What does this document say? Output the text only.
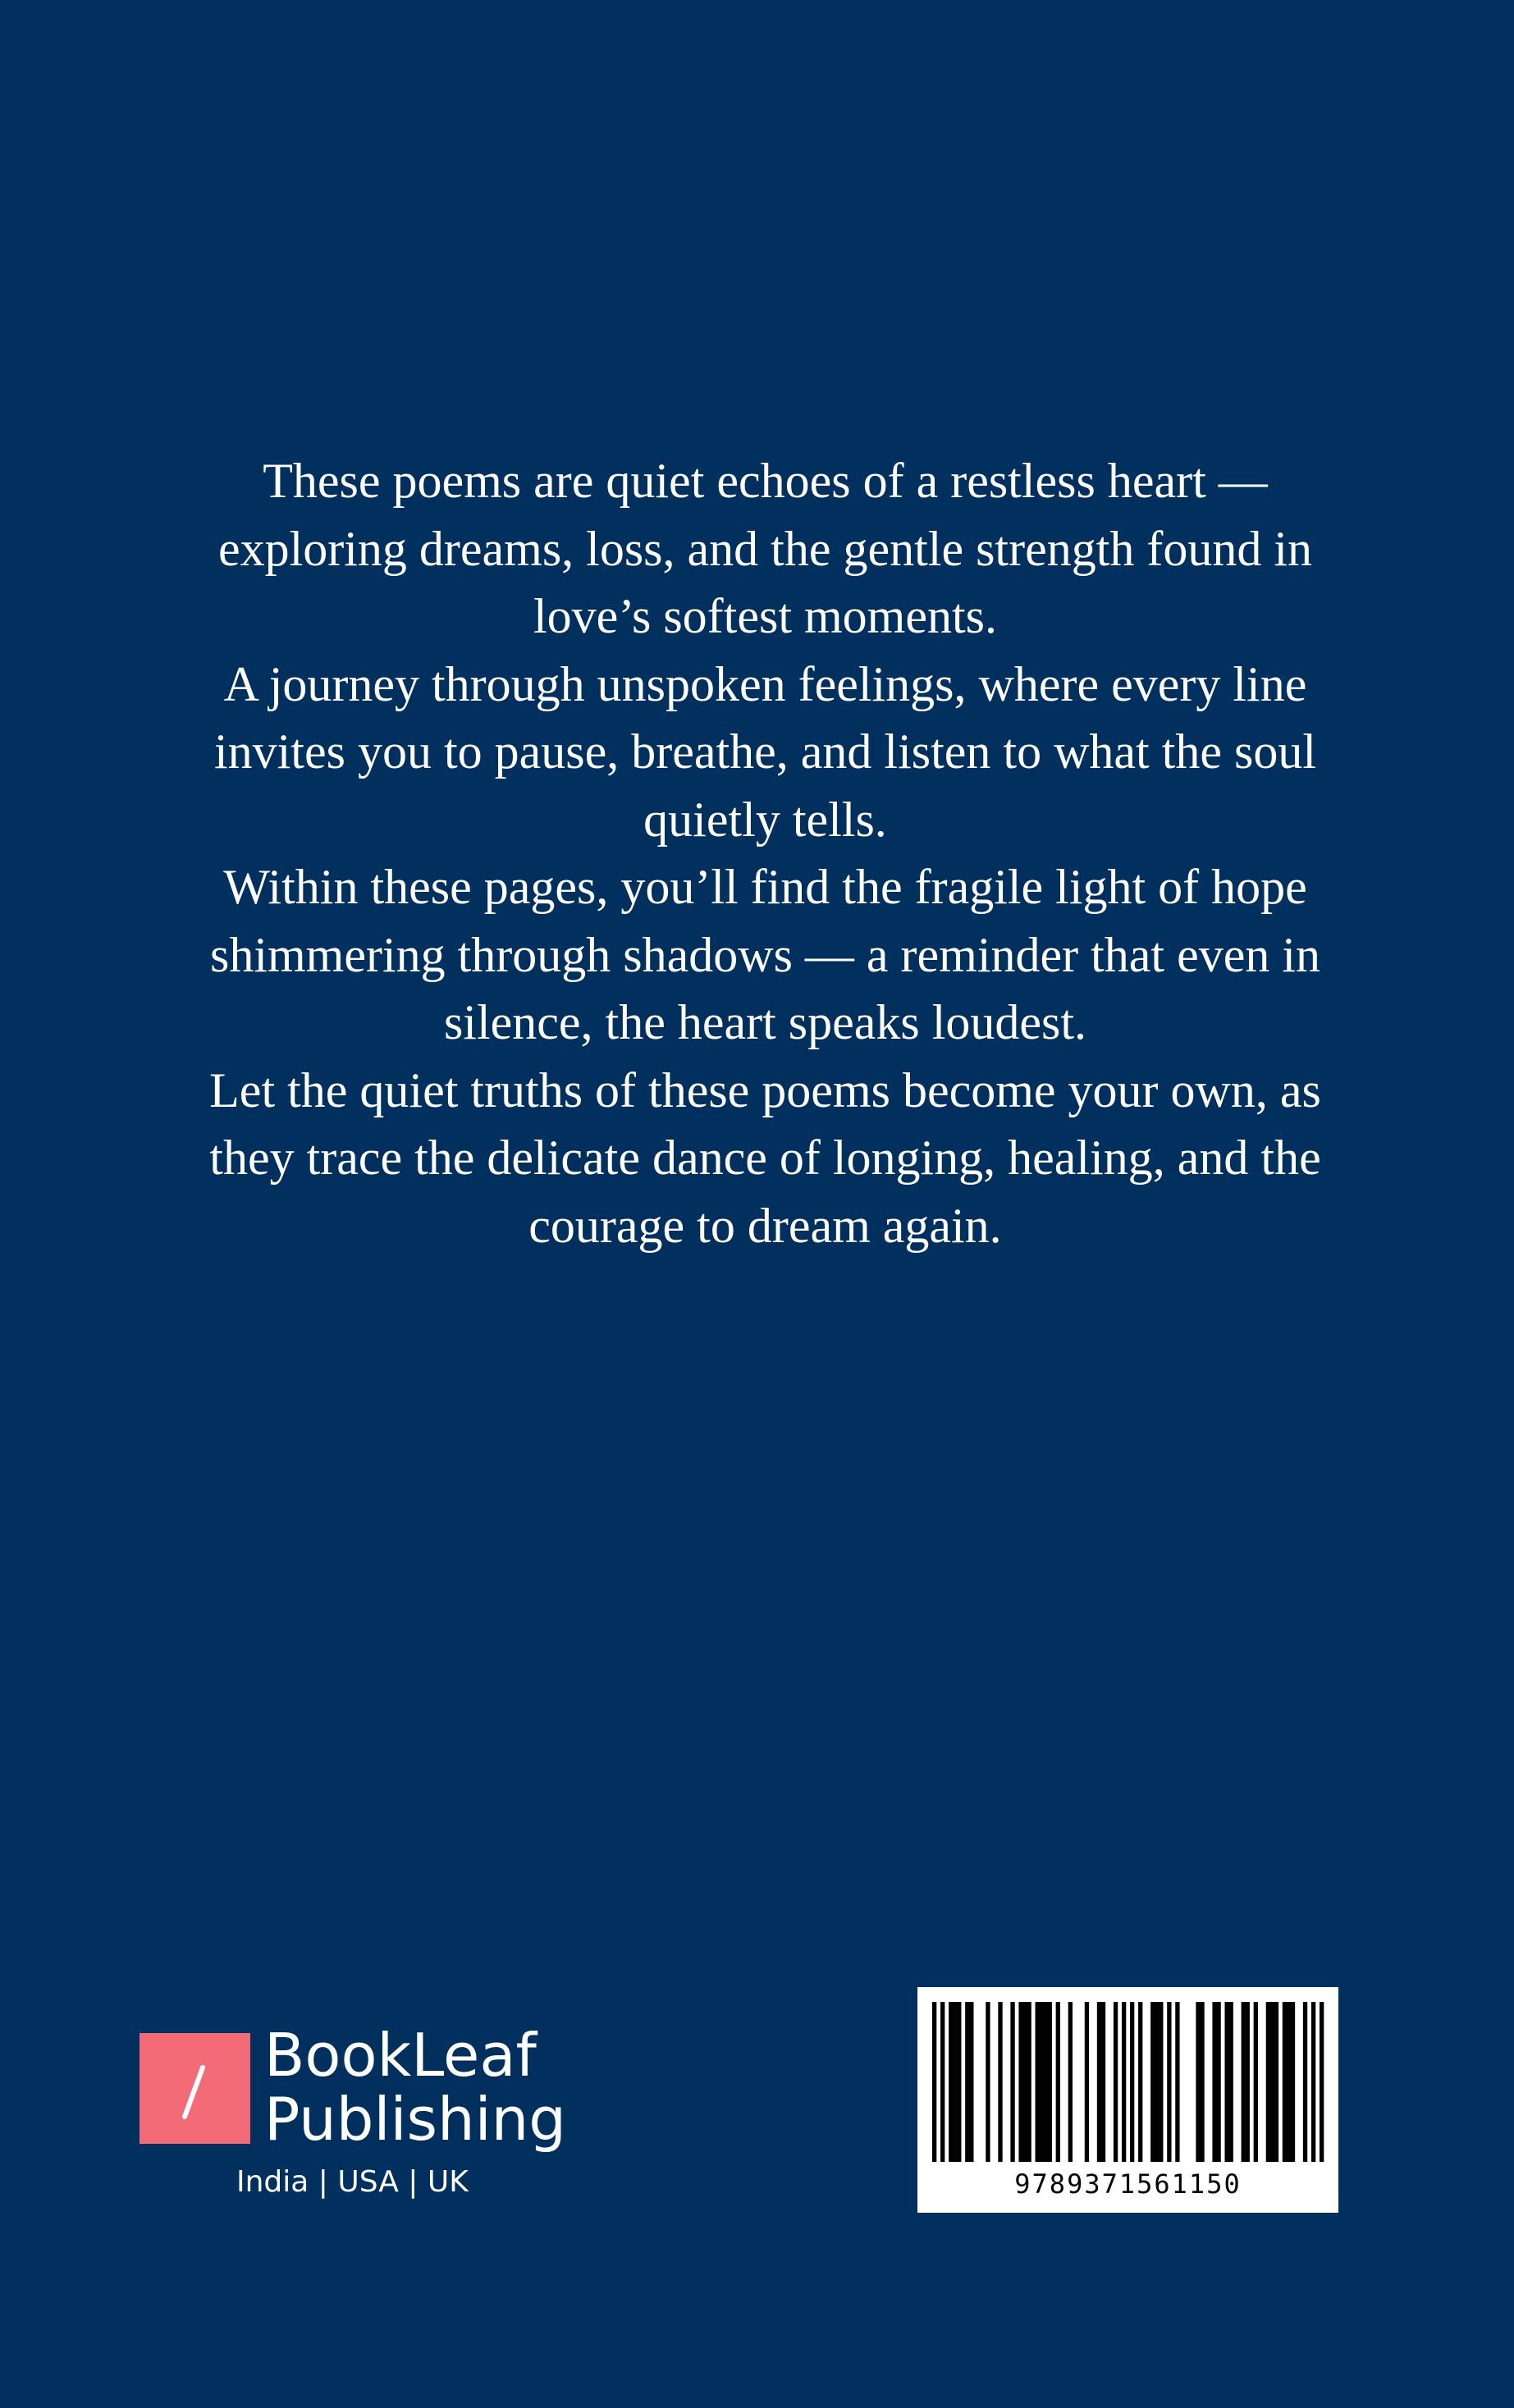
These poems are quiet echoes of a restless heart — exploring dreams, loss, and the gentle strength found in love’s softest moments.

A journey through unspoken feelings, where every line invites you to pause, breathe, and listen to what the soul quietly tells.

Within these pages, you’ll find the fragile light of hope shimmering through shadows — a reminder that even in silence, the heart speaks loudest.

Let the quiet truths of these poems become your own, as they trace the delicate dance of longing, healing, and the courage to dream again.

BookLeaf
Publishing
India | USA | UK	9789371561150
